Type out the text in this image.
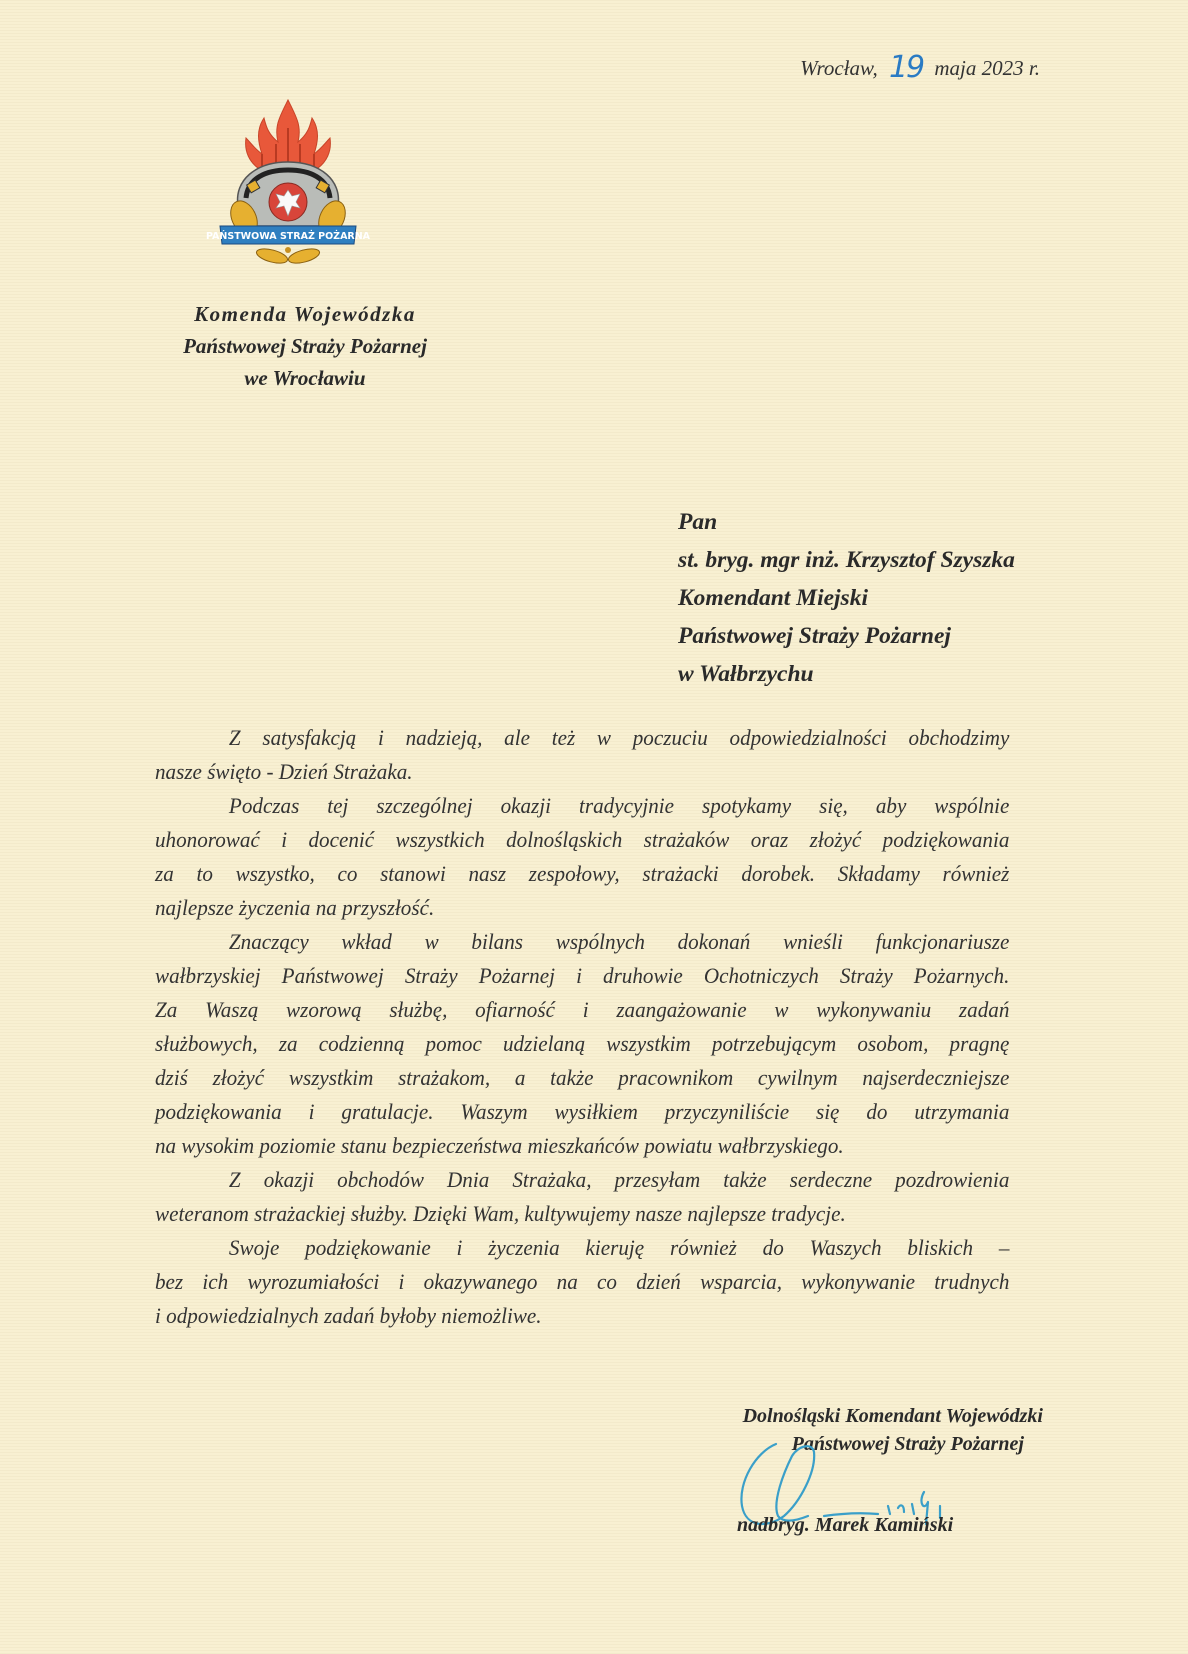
Wrocław, 19 maja 2023 r.
PAŃSTWOWA STRAŻ POŻARNA
Komenda Wojewódzka
Państwowej Straży Pożarnej
we Wrocławiu
Pan
st. bryg. mgr inż. Krzysztof Szyszka
Komendant Miejski
Państwowej Straży Pożarnej
w Wałbrzychu
Z satysfakcją i nadzieją, ale też w poczuciu odpowiedzialności obchodzimy
nasze święto - Dzień Strażaka.
Podczas tej szczególnej okazji tradycyjnie spotykamy się, aby wspólnie
uhonorować i docenić wszystkich dolnośląskich strażaków oraz złożyć podziękowania
za to wszystko, co stanowi nasz zespołowy, strażacki dorobek. Składamy również
najlepsze życzenia na przyszłość.
Znaczący wkład w bilans wspólnych dokonań wnieśli funkcjonariusze
wałbrzyskiej Państwowej Straży Pożarnej i druhowie Ochotniczych Straży Pożarnych.
Za Waszą wzorową służbę, ofiarność i zaangażowanie w wykonywaniu zadań
służbowych, za codzienną pomoc udzielaną wszystkim potrzebującym osobom, pragnę
dziś złożyć wszystkim strażakom, a także pracownikom cywilnym najserdeczniejsze
podziękowania i gratulacje. Waszym wysiłkiem przyczyniliście się do utrzymania
na wysokim poziomie stanu bezpieczeństwa mieszkańców powiatu wałbrzyskiego.
Z okazji obchodów Dnia Strażaka, przesyłam także serdeczne pozdrowienia
weteranom strażackiej służby. Dzięki Wam, kultywujemy nasze najlepsze tradycje.
Swoje podziękowanie i życzenia kieruję również do Waszych bliskich –
bez ich wyrozumiałości i okazywanego na co dzień wsparcia, wykonywanie trudnych
i odpowiedzialnych zadań byłoby niemożliwe.
Dolnośląski Komendant Wojewódzki
Państwowej Straży Pożarnej
nadbryg. Marek Kamiński
